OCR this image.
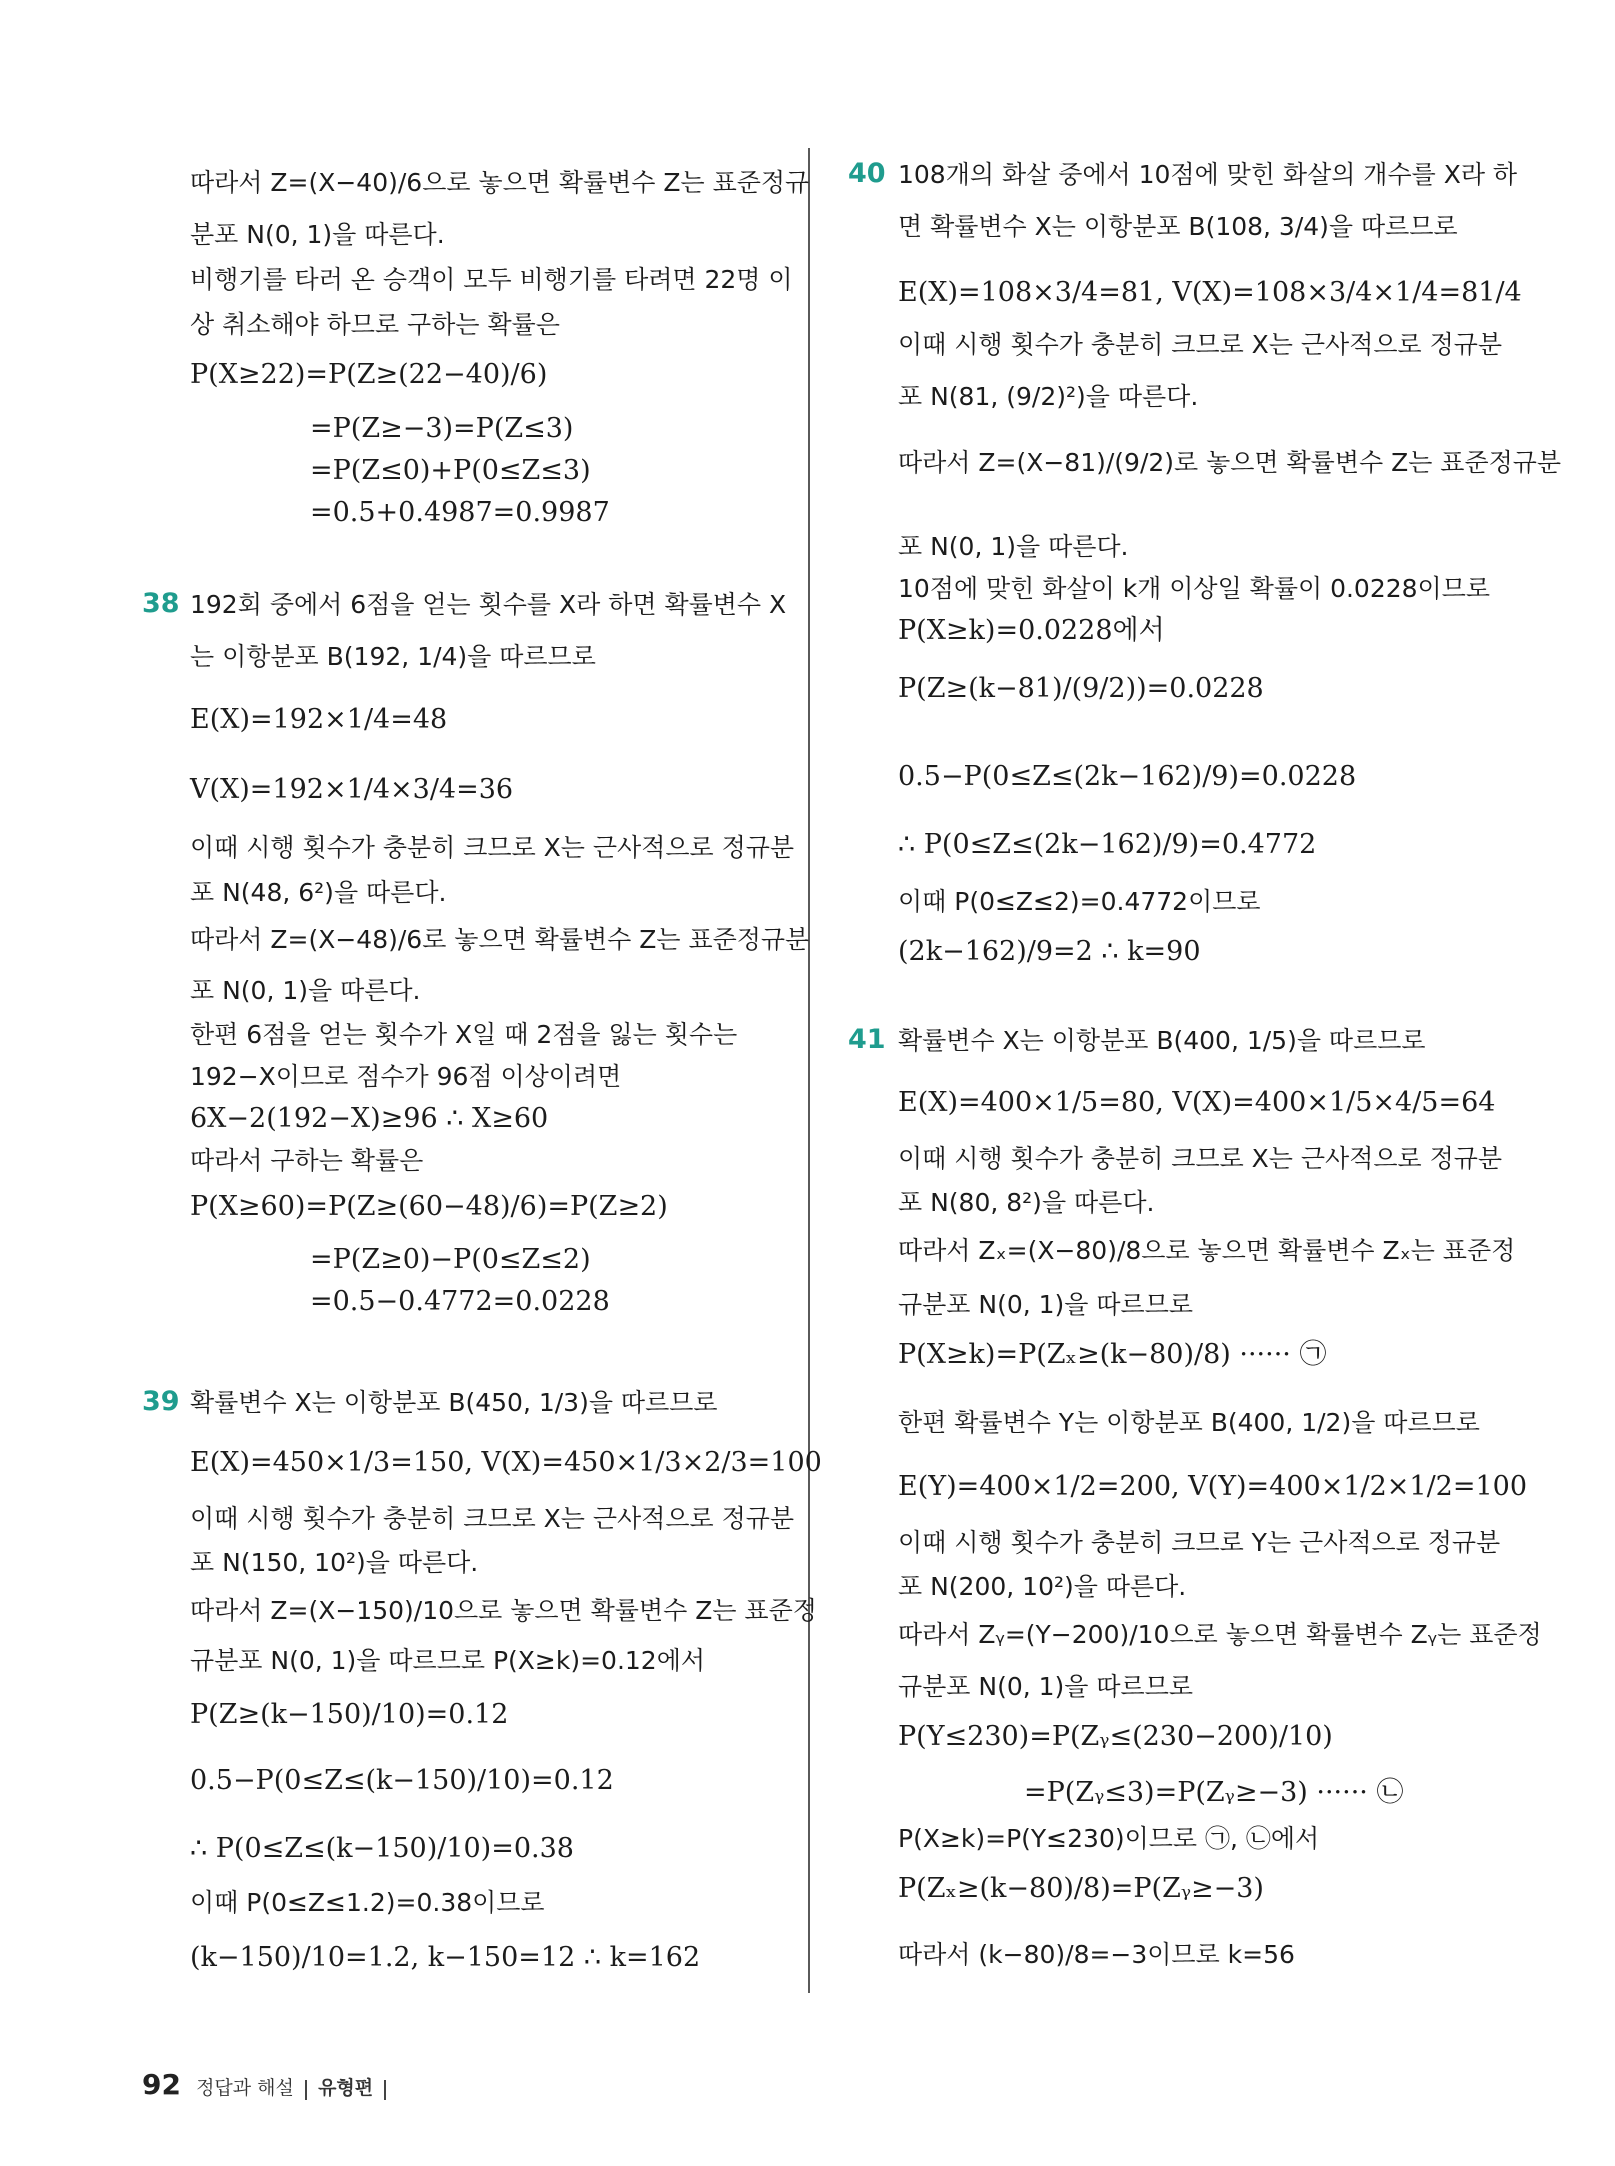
따라서 Z=(X−40)/6으로 놓으면 확률변수 Z는 표준정규
분포 N(0, 1)을 따른다.
비행기를 타러 온 승객이 모두 비행기를 타려면 22명 이
상 취소해야 하므로 구하는 확률은
P(X≥22)=P(Z≥(22−40)/6)
=P(Z≥−3)=P(Z≤3)
=P(Z≤0)+P(0≤Z≤3)
=0.5+0.4987=0.9987
38 192회 중에서 6점을 얻는 횟수를 X라 하면 확률변수 X
는 이항분포 B(192, 1/4)을 따르므로
E(X)=192×1/4=48
V(X)=192×1/4×3/4=36
이때 시행 횟수가 충분히 크므로 X는 근사적으로 정규분
포 N(48, 6²)을 따른다.
따라서 Z=(X−48)/6로 놓으면 확률변수 Z는 표준정규분
포 N(0, 1)을 따른다.
한편 6점을 얻는 횟수가 X일 때 2점을 잃는 횟수는
192−X이므로 점수가 96점 이상이려면
6X−2(192−X)≥96 ∴ X≥60
따라서 구하는 확률은
P(X≥60)=P(Z≥(60−48)/6)=P(Z≥2)
=P(Z≥0)−P(0≤Z≤2)
=0.5−0.4772=0.0228
39 확률변수 X는 이항분포 B(450, 1/3)을 따르므로
E(X)=450×1/3=150, V(X)=450×1/3×2/3=100
이때 시행 횟수가 충분히 크므로 X는 근사적으로 정규분
포 N(150, 10²)을 따른다.
따라서 Z=(X−150)/10으로 놓으면 확률변수 Z는 표준정
규분포 N(0, 1)을 따르므로 P(X≥k)=0.12에서
P(Z≥(k−150)/10)=0.12
0.5−P(0≤Z≤(k−150)/10)=0.12
∴ P(0≤Z≤(k−150)/10)=0.38
이때 P(0≤Z≤1.2)=0.38이므로
(k−150)/10=1.2, k−150=12 ∴ k=162
40 108개의 화살 중에서 10점에 맞힌 화살의 개수를 X라 하
면 확률변수 X는 이항분포 B(108, 3/4)을 따르므로
E(X)=108×3/4=81, V(X)=108×3/4×1/4=81/4
이때 시행 횟수가 충분히 크므로 X는 근사적으로 정규분
포 N(81, (9/2)²)을 따른다.
따라서 Z=(X−81)/(9/2)로 놓으면 확률변수 Z는 표준정규분
포 N(0, 1)을 따른다.
10점에 맞힌 화살이 k개 이상일 확률이 0.0228이므로
P(X≥k)=0.0228에서
P(Z≥(k−81)/(9/2))=0.0228
0.5−P(0≤Z≤(2k−162)/9)=0.0228
∴ P(0≤Z≤(2k−162)/9)=0.4772
이때 P(0≤Z≤2)=0.4772이므로
(2k−162)/9=2 ∴ k=90
41 확률변수 X는 이항분포 B(400, 1/5)을 따르므로
E(X)=400×1/5=80, V(X)=400×1/5×4/5=64
이때 시행 횟수가 충분히 크므로 X는 근사적으로 정규분
포 N(80, 8²)을 따른다.
따라서 Zₓ=(X−80)/8으로 놓으면 확률변수 Zₓ는 표준정
규분포 N(0, 1)을 따르므로
P(X≥k)=P(Zₓ≥(k−80)/8) ······ ㉠
한편 확률변수 Y는 이항분포 B(400, 1/2)을 따르므로
E(Y)=400×1/2=200, V(Y)=400×1/2×1/2=100
이때 시행 횟수가 충분히 크므로 Y는 근사적으로 정규분
포 N(200, 10²)을 따른다.
따라서 Zᵧ=(Y−200)/10으로 놓으면 확률변수 Zᵧ는 표준정
규분포 N(0, 1)을 따르므로
P(Y≤230)=P(Zᵧ≤(230−200)/10)
=P(Zᵧ≤3)=P(Zᵧ≥−3) ······ ㉡
P(X≥k)=P(Y≤230)이므로 ㉠, ㉡에서
P(Zₓ≥(k−80)/8)=P(Zᵧ≥−3)
따라서 (k−80)/8=−3이므로 k=56
92 정답과 해설 유형편
